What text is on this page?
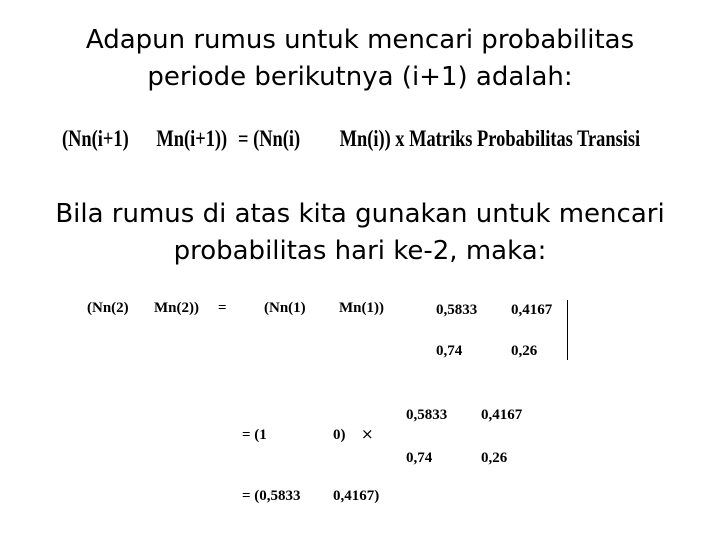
Adapun rumus untuk mencari probabilitas
periode berikutnya (i+1) adalah:
(Nn(i+1) Mn(i+1)) = (Nn(i) Mn(i)) x Matriks Probabilitas Transisi
Bila rumus di atas kita gunakan untuk mencari
probabilitas hari ke-2, maka:
(Nn(2) Mn(2)) = (Nn(1) Mn(1))	0,5833 0,4167
0,74	0,26
0,5833 0,4167
= (1	0) ×
0,74	0,26
= (0,5833 0,4167)
